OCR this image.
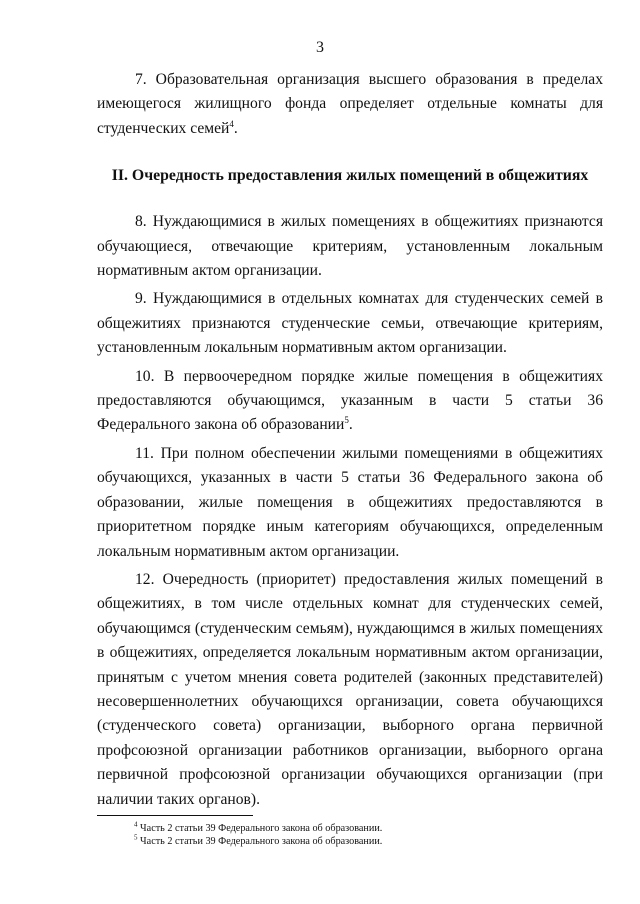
3

7. Образовательная организация высшего образования в пределах имеющегося жилищного фонда определяет отдельные комнаты для студенческих семей$^4$.

II. Очередность предоставления жилых помещений в общежитиях

8. Нуждающимися в жилых помещениях в общежитиях признаются обучающиеся, отвечающие критериям, установленным локальным нормативным актом организации.

9. Нуждающимися в отдельных комнатах для студенческих семей в общежитиях признаются студенческие семьи, отвечающие критериям, установленным локальным нормативным актом организации.

10. В первоочередном порядке жилые помещения в общежитиях предоставляются обучающимся, указанным в части 5 статьи 36 Федерального закона об образовании$^5$.

11. При полном обеспечении жилыми помещениями в общежитиях обучающихся, указанных в части 5 статьи 36 Федерального закона об образовании, жилые помещения в общежитиях предоставляются в приоритетном порядке иным категориям обучающихся, определенным локальным нормативным актом организации.

12. Очередность (приоритет) предоставления жилых помещений в общежитиях, в том числе отдельных комнат для студенческих семей, обучающимся (студенческим семьям), нуждающимся в жилых помещениях в общежитиях, определяется локальным нормативным актом организации, принятым с учетом мнения совета родителей (законных представителей) несовершеннолетних обучающихся организации, совета обучающихся (студенческого совета) организации, выборного органа первичной профсоюзной организации работников организации, выборного органа первичной профсоюзной организации обучающихся организации (при наличии таких органов).

$^4$ Часть 2 статьи 39 Федерального закона об образовании.

$^5$ Часть 2 статьи 39 Федерального закона об образовании.
